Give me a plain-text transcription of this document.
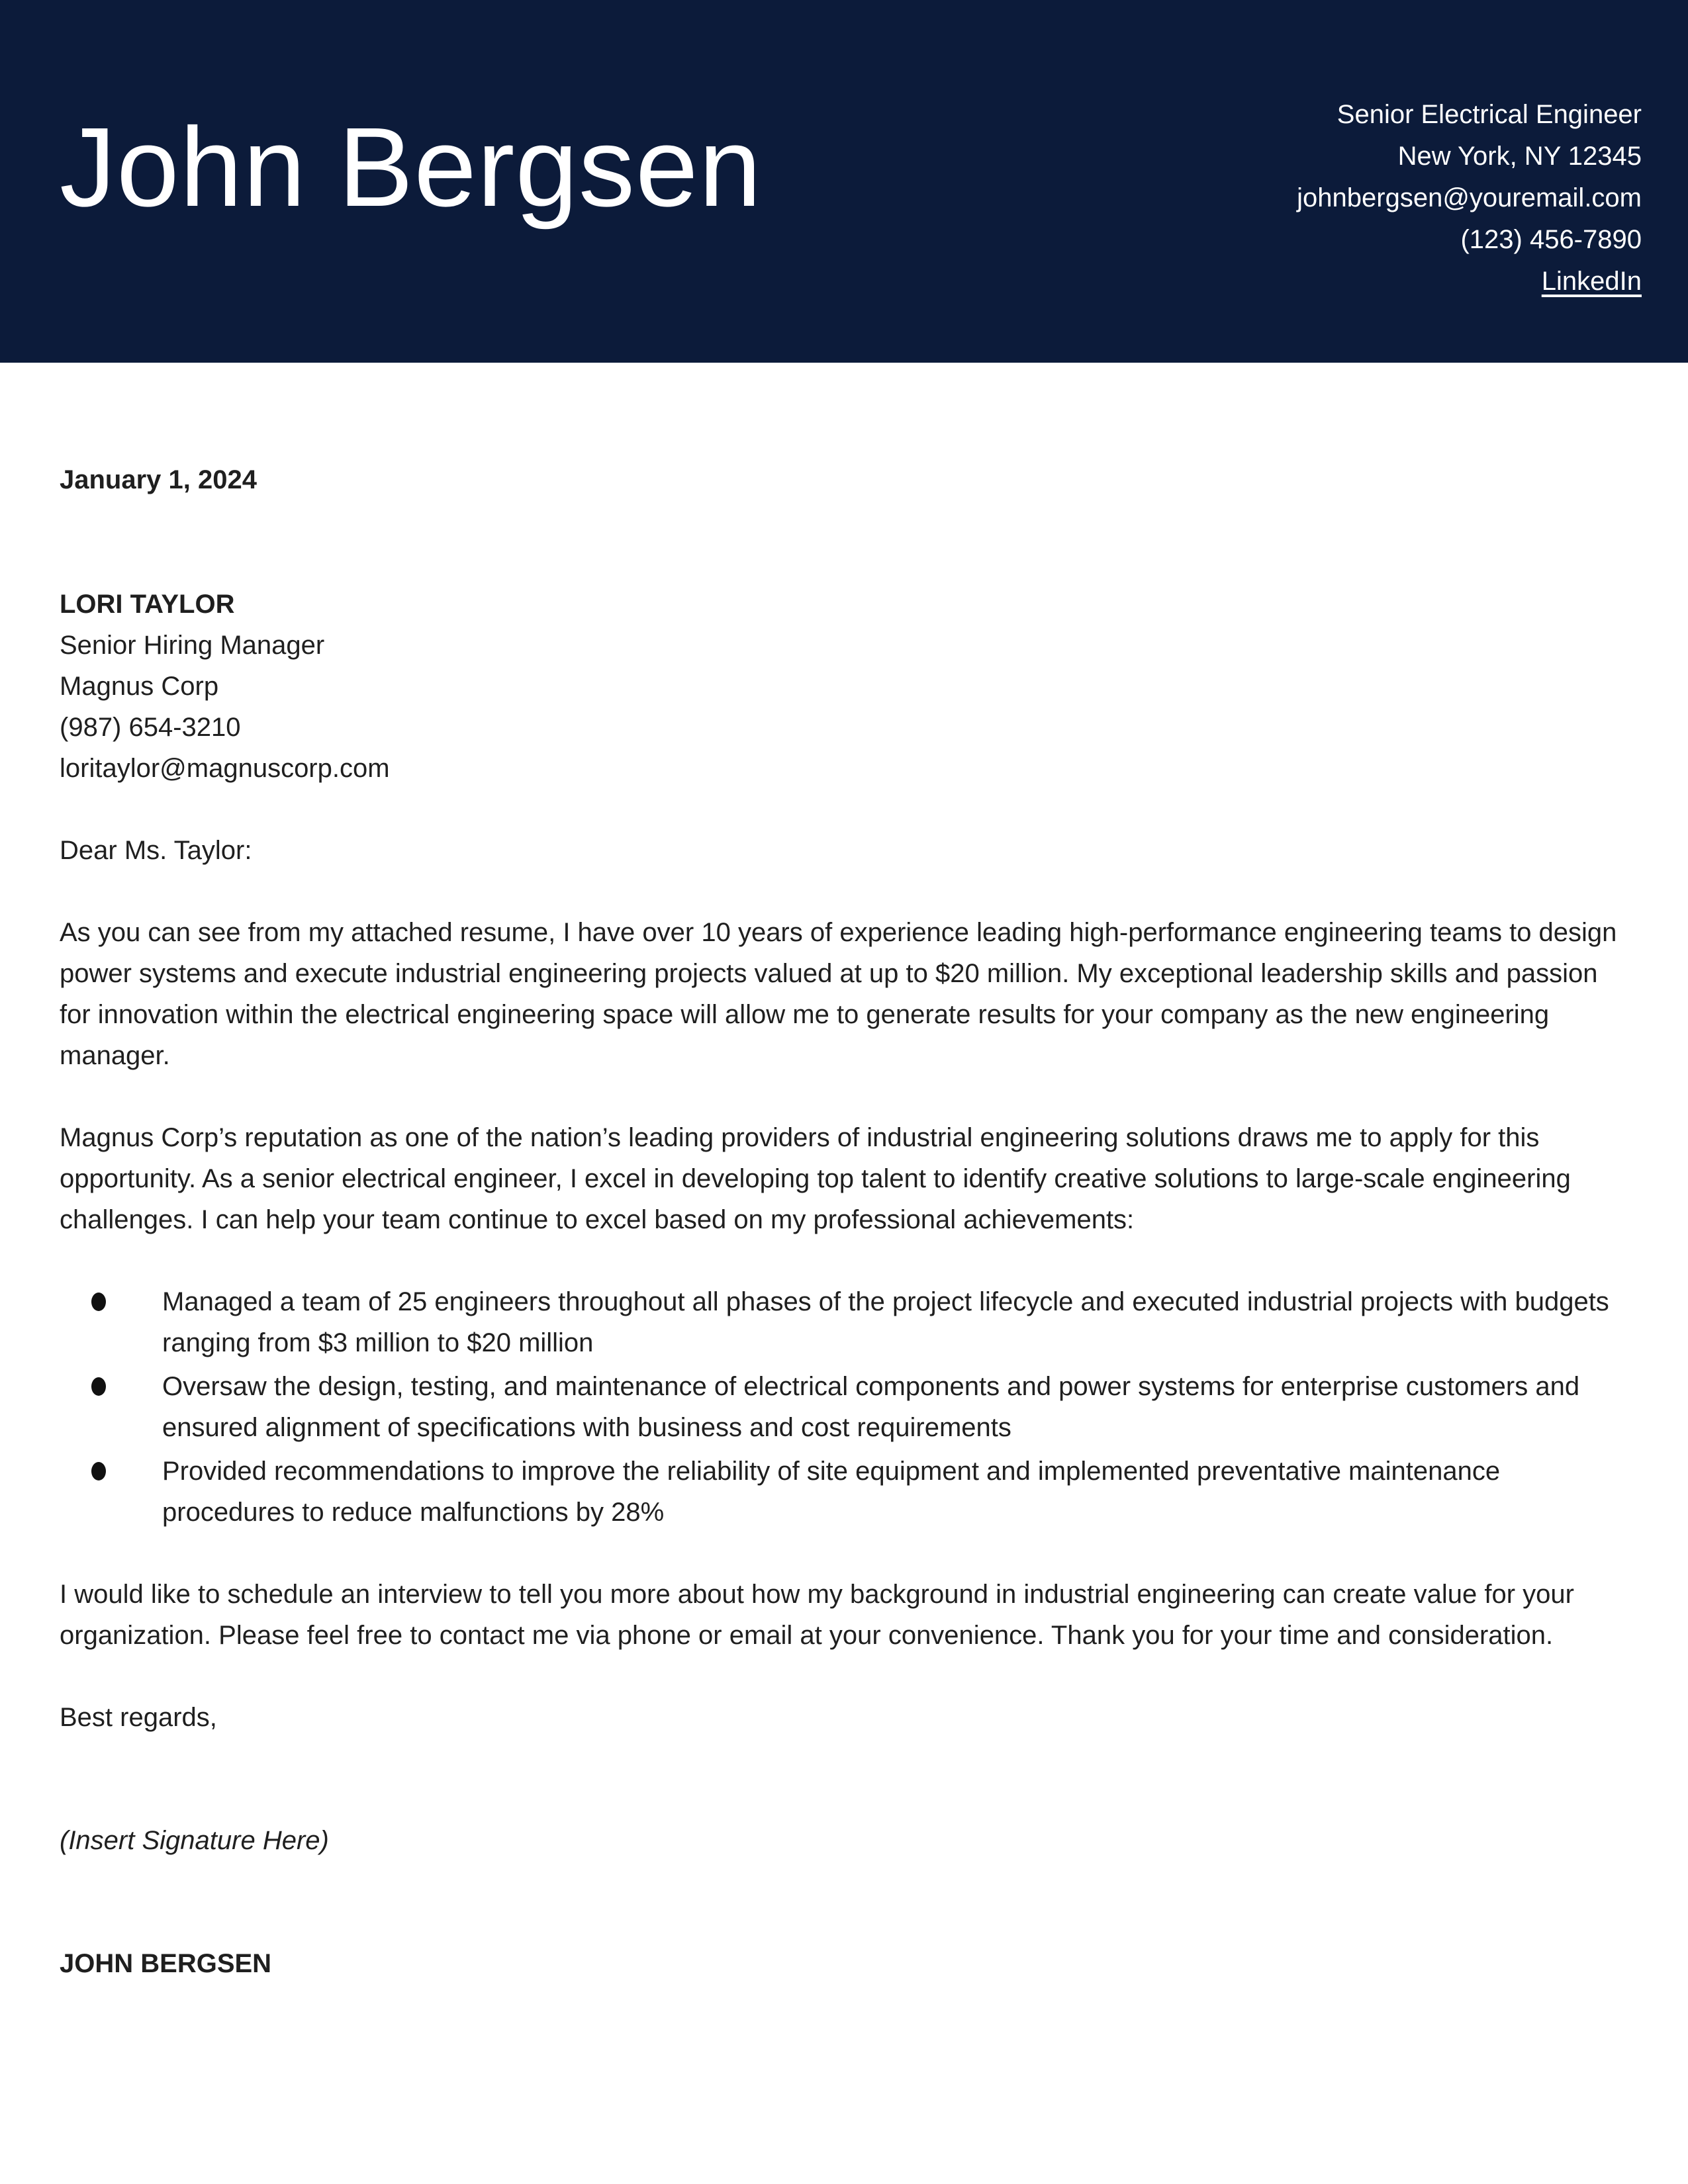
John Bergsen	Senior Electrical Engineer
New York, NY 12345
johnbergsen@youremail.com
(123) 456-7890
LinkedIn

January 1, 2024

LORI TAYLOR
Senior Hiring Manager
Magnus Corp
(987) 654-3210
loritaylor@magnuscorp.com

Dear Ms. Taylor:

As you can see from my attached resume, I have over 10 years of experience leading high-performance engineering teams to design power systems and execute industrial engineering projects valued at up to $20 million. My exceptional leadership skills and passion for innovation within the electrical engineering space will allow me to generate results for your company as the new engineering manager.

Magnus Corp’s reputation as one of the nation’s leading providers of industrial engineering solutions draws me to apply for this opportunity. As a senior electrical engineer, I excel in developing top talent to identify creative solutions to large-scale engineering challenges. I can help your team continue to excel based on my professional achievements:

Managed a team of 25 engineers throughout all phases of the project lifecycle and executed industrial projects with budgets ranging from $3 million to $20 million
Oversaw the design, testing, and maintenance of electrical components and power systems for enterprise customers and ensured alignment of specifications with business and cost requirements
Provided recommendations to improve the reliability of site equipment and implemented preventative maintenance procedures to reduce malfunctions by 28%

I would like to schedule an interview to tell you more about how my background in industrial engineering can create value for your organization. Please feel free to contact me via phone or email at your convenience. Thank you for your time and consideration.

Best regards,

(Insert Signature Here)

JOHN BERGSEN
